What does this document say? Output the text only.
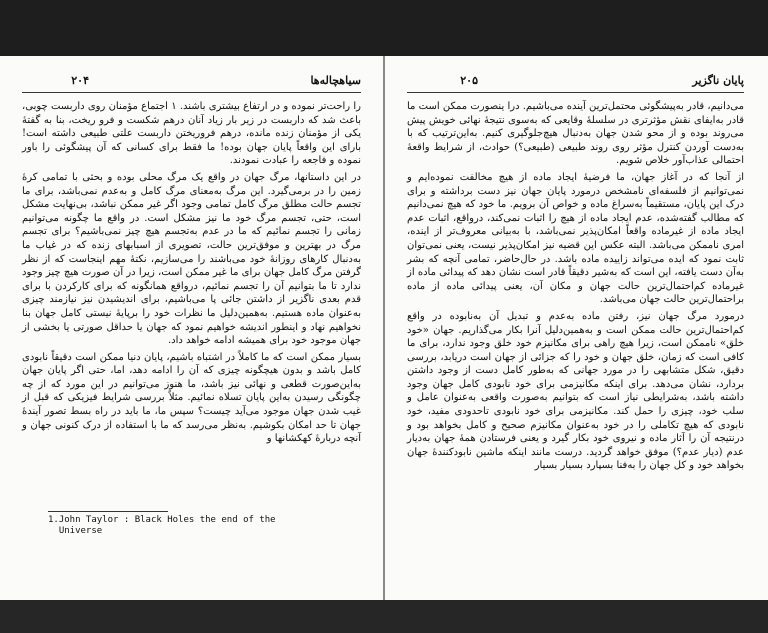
۲۰۴	سیاهچاله‌ها

را راحت‌تر نموده و در ارتفاع بیشتری باشند. ۱ اجتماع مؤمنان روی داربست چوبی، باعث شد که داربست در زیر بار زیاد آنان درهم شکست و فرو ریخت، بنا به گفتهٔ یکی از مؤمنان زنده مانده، درهم فروریختن داربست علتی طبیعی داشته است! بارای این واقعاً پایان جهان بوده! ما فقط برای کسانی که آن پیشگوئی را باور نموده و فاجعه را عبادت نمودند.

در این داستانها، مرگ جهان در واقع یک مرگ محلی بوده و بحثی با تمامی کرهٔ زمین را در برمی‌گیرد. این مرگ به‌معنای مرگ کامل و به‌عدم نمی‌باشد، برای ما تجسم حالت مطلق مرگ کامل تمامی وجود اگر غیر ممکن نباشد، بی‌نهایت مشکل است، حتی، تجسم مرگ خود ما نیز مشکل است. در واقع ما چگونه می‌توانیم زمانی را تجسم نمائیم که ما در عدم به‌تجسم هیچ چیز نمی‌باشیم؟ برای تجسم مرگ در بهترین و موفق‌ترین حالت، تصویری از اسبابهای زنده که در غیاب ما به‌دنبال کارهای روزانهٔ خود می‌باشند را می‌سازیم، نکتهٔ مهم اینجاست که از نظر گرفتن مرگ کامل جهان برای ما غیر ممکن است، زیرا در آن صورت هیچ چیز وجود ندارد تا ما بتوانیم آن را تجسم نمائیم، درواقع همانگونه که برای کارکردن با برای قدم بعدی ناگزیر از داشتن جائی پا می‌باشیم، برای اندیشیدن نیز نیازمند چیزی به‌عنوان ماده هستیم. به‌همین‌دلیل ما نظرات خود را برپایهٔ نیستی کامل جهان بنا نخواهیم نهاد و اینطور اندیشه خواهیم نمود که جهان یا حداقل صورتی یا بخشی از جهان موجود خود برای همیشه ادامه خواهد داد.

بسیار ممکن است که ما کاملاً در اشتباه باشیم، پایان دنیا ممکن است دقیقاً نابودی کامل باشد و بدون هیچگونه چیزی که آن را ادامه دهد، اما، حتی اگر پایان جهان به‌این‌صورت قطعی و نهائی نیز باشد، ما هنوز می‌توانیم در این مورد که از چه چگونگی رسیدن به‌این پایان تسلاه نمائیم. مثلاً بررسی شرایط فیزیکی که قبل از غیب شدن جهان موجود می‌آید چیست؟ سپس ما، ما باید در راه بسط تصور آیندهٔ جهان تا حد امکان بکوشیم. به‌نظر می‌رسد که ما با استفاده از درک کنونی جهان و آنچه دربارهٔ کهکشانها و

1.John Taylor : Black Holes the end of the
Universe
۲۰۵	پایان ناگزیر

می‌دانیم، قادر به‌پیشگوئی محتمل‌ترین آینده می‌باشیم. درا ینصورت ممکن است ما قادر به‌ایفای نقش مؤثرتری در سلسلهٔ وقایعی که به‌سوی نتیجهٔ نهائی خویش پیش می‌روند بوده و از محو شدن جهان به‌دنبال هیچ‌جلوگیری کنیم. به‌این‌ترتیب که با به‌دست آوردن کنترل مؤثر روی روند طبیعی (طبیعی؟) حوادث، از شرایط واقعهٔ احتمالی عذاب‌آور خلاص شویم.

از آنجا که در آغاز جهان، ما فرضیهٔ ایجاد ماده از هیچ مخالفت نموده‌ایم و نمی‌توانیم از فلسفه‌ای نامشخص درمورد پایان جهان نیز دست برداشته و برای درک این پایان، مستقیماً به‌سراغ ماده و خواص آن برویم. ما خود که هیچ نمی‌دانیم که مطالب گفته‌شده، عدم ایجاد ماده از هیچ را اثبات نمی‌کند، درواقع، اثبات عدم ایجاد ماده از غیرماده واقعاً امکان‌پذیر نمی‌باشد، با به‌بیانی معروف‌تر از اینده، امری ناممکن می‌باشد. البته عکس این قضیه نیز امکان‌پذیر نیست، یعنی نمی‌توان ثابت نمود که ایده می‌تواند زاییده ماده باشد. در حال‌حاضر، تمامی آنچه که بشر به‌آن دست یافته، این است که به‌شیر دقیقاً قادر است نشان دهد که پیدائی ماده از غیرماده کم‌احتمال‌ترین حالت جهان و مکان آن، یعنی پیدائی ماده از ماده براحتمال‌ترین حالت جهان می‌باشد.

درمورد مرگ جهان نیز، رفتن ماده به‌عدم و تبدیل آن به‌نابوده در واقع کم‌احتمال‌ترین حالت ممکن است و به‌همین‌دلیل آنرا بکار می‌گذاریم. جهان «خود خلق» ناممکن است، زیرا هیچ راهی برای مکانیزم خود خلق وجود ندارد، برای ما کافی است که زمان، خلق جهان و خود را که جزائی از جهان است دریابد، بررسی دقیق، شکل متشابهی را در مورد جهانی که به‌طور کامل دست از وجود داشتن بردارد، نشان می‌دهد. برای اینکه مکانیزمی برای خود نابودی کامل جهان وجود داشته باشد، به‌شرایطی نیاز است که بتوانیم به‌صورت واقعی به‌عنوان عامل و سلب خود، چیزی را حمل کند. مکانیزمی برای خود نابودی تاحدودی مفید، خود نابودی که هیچ تکاملی را در خود به‌عنوان مکانیزم صحیح و کامل بخواهد بود و درنتیجه آن را آثار ماده و نیروی خود بکار گیرد و یعنی فرستادن همهٔ جهان به‌دیار عدم (دیار عدم؟) موفق خواهد گردید. درست مانند اینکه ماشین نابودکنندهٔ جهان بخواهد خود و کل جهان را به‌فنا بسپارد بسیار بسیار
